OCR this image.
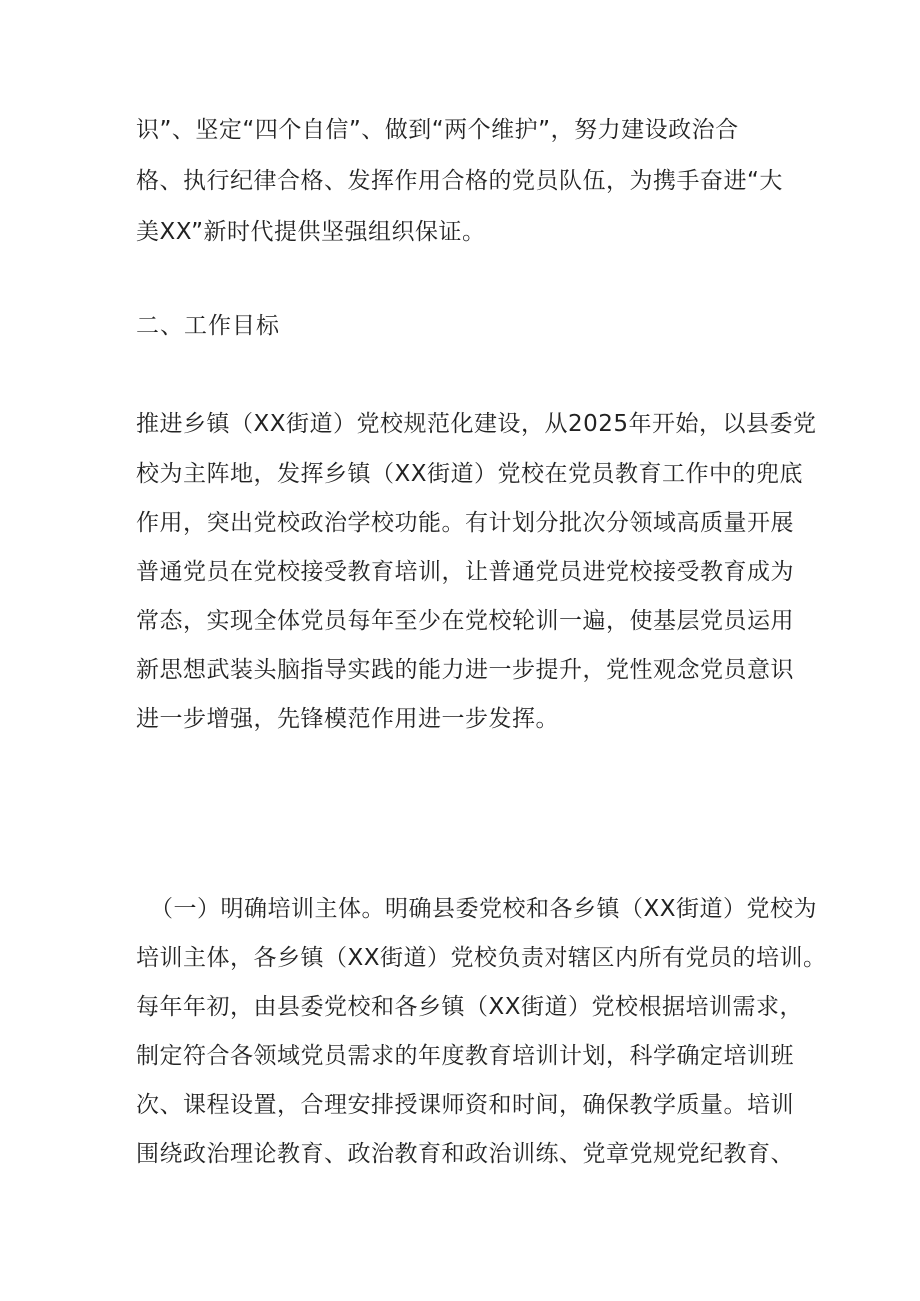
识”、坚定“四个自信”、做到“两个维护”，努力建设政治合

格、执行纪律合格、发挥作用合格的党员队伍，为携手奋进“大

美XX”新时代提供坚强组织保证。

二、工作目标

推进乡镇（XX街道）党校规范化建设，从2025年开始，以县委党

校为主阵地，发挥乡镇（XX街道）党校在党员教育工作中的兜底

作用，突出党校政治学校功能。有计划分批次分领域高质量开展

普通党员在党校接受教育培训，让普通党员进党校接受教育成为

常态，实现全体党员每年至少在党校轮训一遍，使基层党员运用

新思想武装头脑指导实践的能力进一步提升，党性观念党员意识

进一步增强，先锋模范作用进一步发挥。

（一）明确培训主体。明确县委党校和各乡镇（XX街道）党校为

培训主体，各乡镇（XX街道）党校负责对辖区内所有党员的培训。

每年年初，由县委党校和各乡镇（XX街道）党校根据培训需求，

制定符合各领域党员需求的年度教育培训计划，科学确定培训班

次、课程设置，合理安排授课师资和时间，确保教学质量。培训

围绕政治理论教育、政治教育和政治训练、党章党规党纪教育、
